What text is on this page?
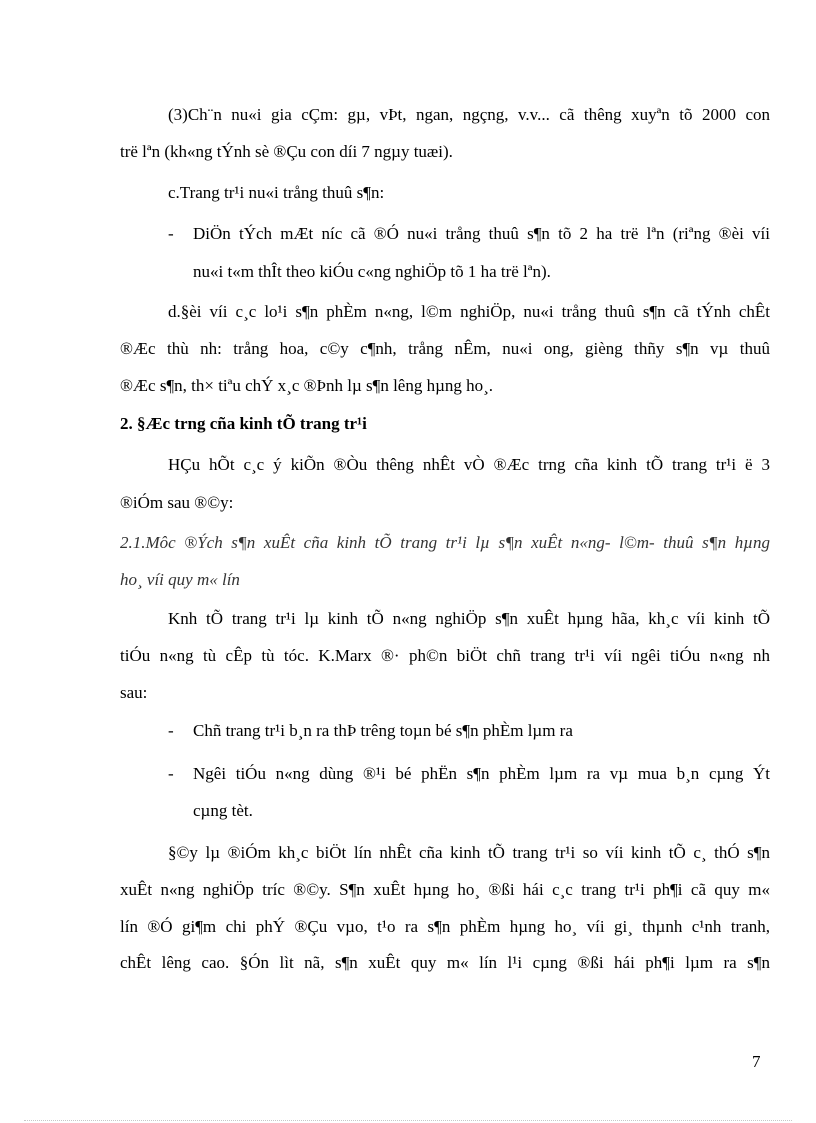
(3)Ch¨n nu«i gia cÇm: gµ, vÞt, ngan, ngçng, v.v... cã thêng xuyªn tõ 2000 con
trë lªn (kh«ng tÝnh sè ®Çu con díi 7 ngµy tuæi).
c.Trang tr¹i nu«i trång thuû s¶n:
- DiÖn tÝch mÆt níc cã ®Ó nu«i trång thuû s¶n tõ 2 ha trë lªn (riªng ®èi víi
nu«i t«m thÎt theo kiÓu c«ng nghiÖp tõ 1 ha trë lªn).
d.§èi víi c¸c lo¹i s¶n phÈm n«ng, l©m nghiÖp, nu«i trång thuû s¶n cã tÝnh chÊt
®Æc thù nh: trång hoa, c©y c¶nh, trång nÊm, nu«i ong, gièng thñy s¶n vµ thuû
®Æc s¶n, th× tiªu chÝ x¸c ®Þnh lµ s¶n lêng hµng ho¸.
2. §Æc trng cña kinh tÕ trang tr¹i
HÇu hÕt c¸c ý kiÕn ®Òu thêng nhÊt vÒ ®Æc trng cña kinh tÕ trang tr¹i ë 3
®iÓm sau ®©y:
2.1.Môc ®Ých s¶n xuÊt cña kinh tÕ trang tr¹i lµ s¶n xuÊt n«ng- l©m- thuû s¶n hµng
ho¸ víi quy m« lín
Knh tÕ trang tr¹i lµ kinh tÕ n«ng nghiÖp s¶n xuÊt hµng hãa, kh¸c víi kinh tÕ
tiÓu n«ng tù cÊp tù tóc. K.Marx ®· ph©n biÖt chñ trang tr¹i víi ngêi tiÓu n«ng nh
sau:
- Chñ trang tr¹i b¸n ra thÞ trêng toµn bé s¶n phÈm lµm ra
- Ngêi tiÓu n«ng dùng ®¹i bé phËn s¶n phÈm lµm ra vµ mua b¸n cµng Ýt
cµng tèt.
§©y lµ ®iÓm kh¸c biÖt lín nhÊt cña kinh tÕ trang tr¹i so víi kinh tÕ c¸ thÓ s¶n
xuÊt n«ng nghiÖp tríc ®©y. S¶n xuÊt hµng ho¸ ®ßi hái c¸c trang tr¹i ph¶i cã quy m«
lín ®Ó gi¶m chi phÝ ®Çu vµo, t¹o ra s¶n phÈm hµng ho¸ víi gi¸ thµnh c¹nh tranh,
chÊt lêng cao. §Ón lìt nã, s¶n xuÊt quy m« lín l¹i cµng ®ßi hái ph¶i lµm ra s¶n
7
